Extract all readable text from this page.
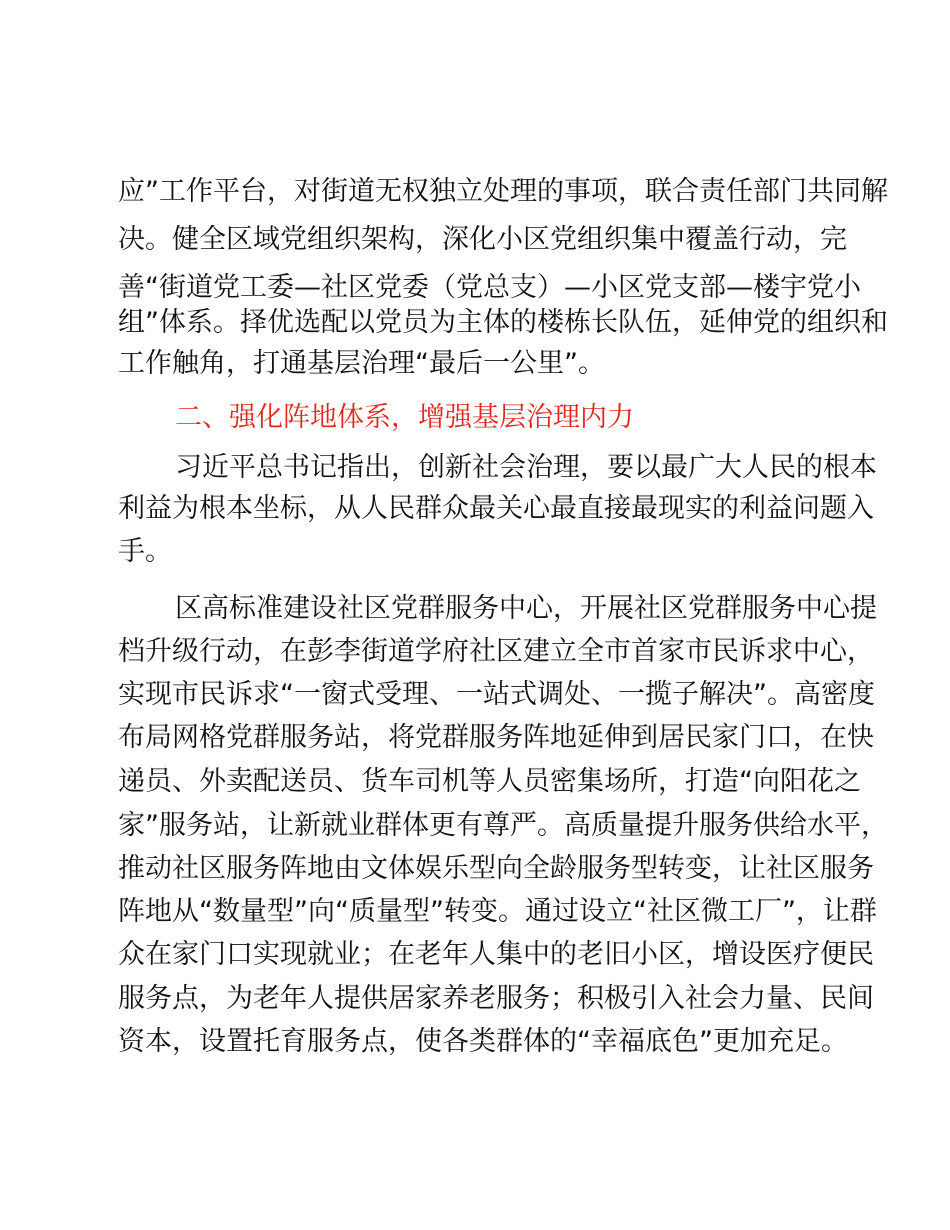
应”工作平台，对街道无权独立处理的事项，联合责任部门共同解

决。健全区域党组织架构，深化小区党组织集中覆盖行动，完

善“街道党工委—社区党委（党总支）—小区党支部—楼宇党小

组”体系。择优选配以党员为主体的楼栋长队伍，延伸党的组织和

工作触角，打通基层治理“最后一公里”。

二、强化阵地体系，增强基层治理内力

习近平总书记指出，创新社会治理，要以最广大人民的根本

利益为根本坐标，从人民群众最关心最直接最现实的利益问题入

手。

区高标准建设社区党群服务中心，开展社区党群服务中心提

档升级行动，在彭李街道学府社区建立全市首家市民诉求中心，

实现市民诉求“一窗式受理、一站式调处、一揽子解决”。高密度

布局网格党群服务站，将党群服务阵地延伸到居民家门口，在快

递员、外卖配送员、货车司机等人员密集场所，打造“向阳花之

家”服务站，让新就业群体更有尊严。高质量提升服务供给水平，

推动社区服务阵地由文体娱乐型向全龄服务型转变，让社区服务

阵地从“数量型”向“质量型”转变。通过设立“社区微工厂”，让群

众在家门口实现就业；在老年人集中的老旧小区，增设医疗便民

服务点，为老年人提供居家养老服务；积极引入社会力量、民间

资本，设置托育服务点，使各类群体的“幸福底色”更加充足。
